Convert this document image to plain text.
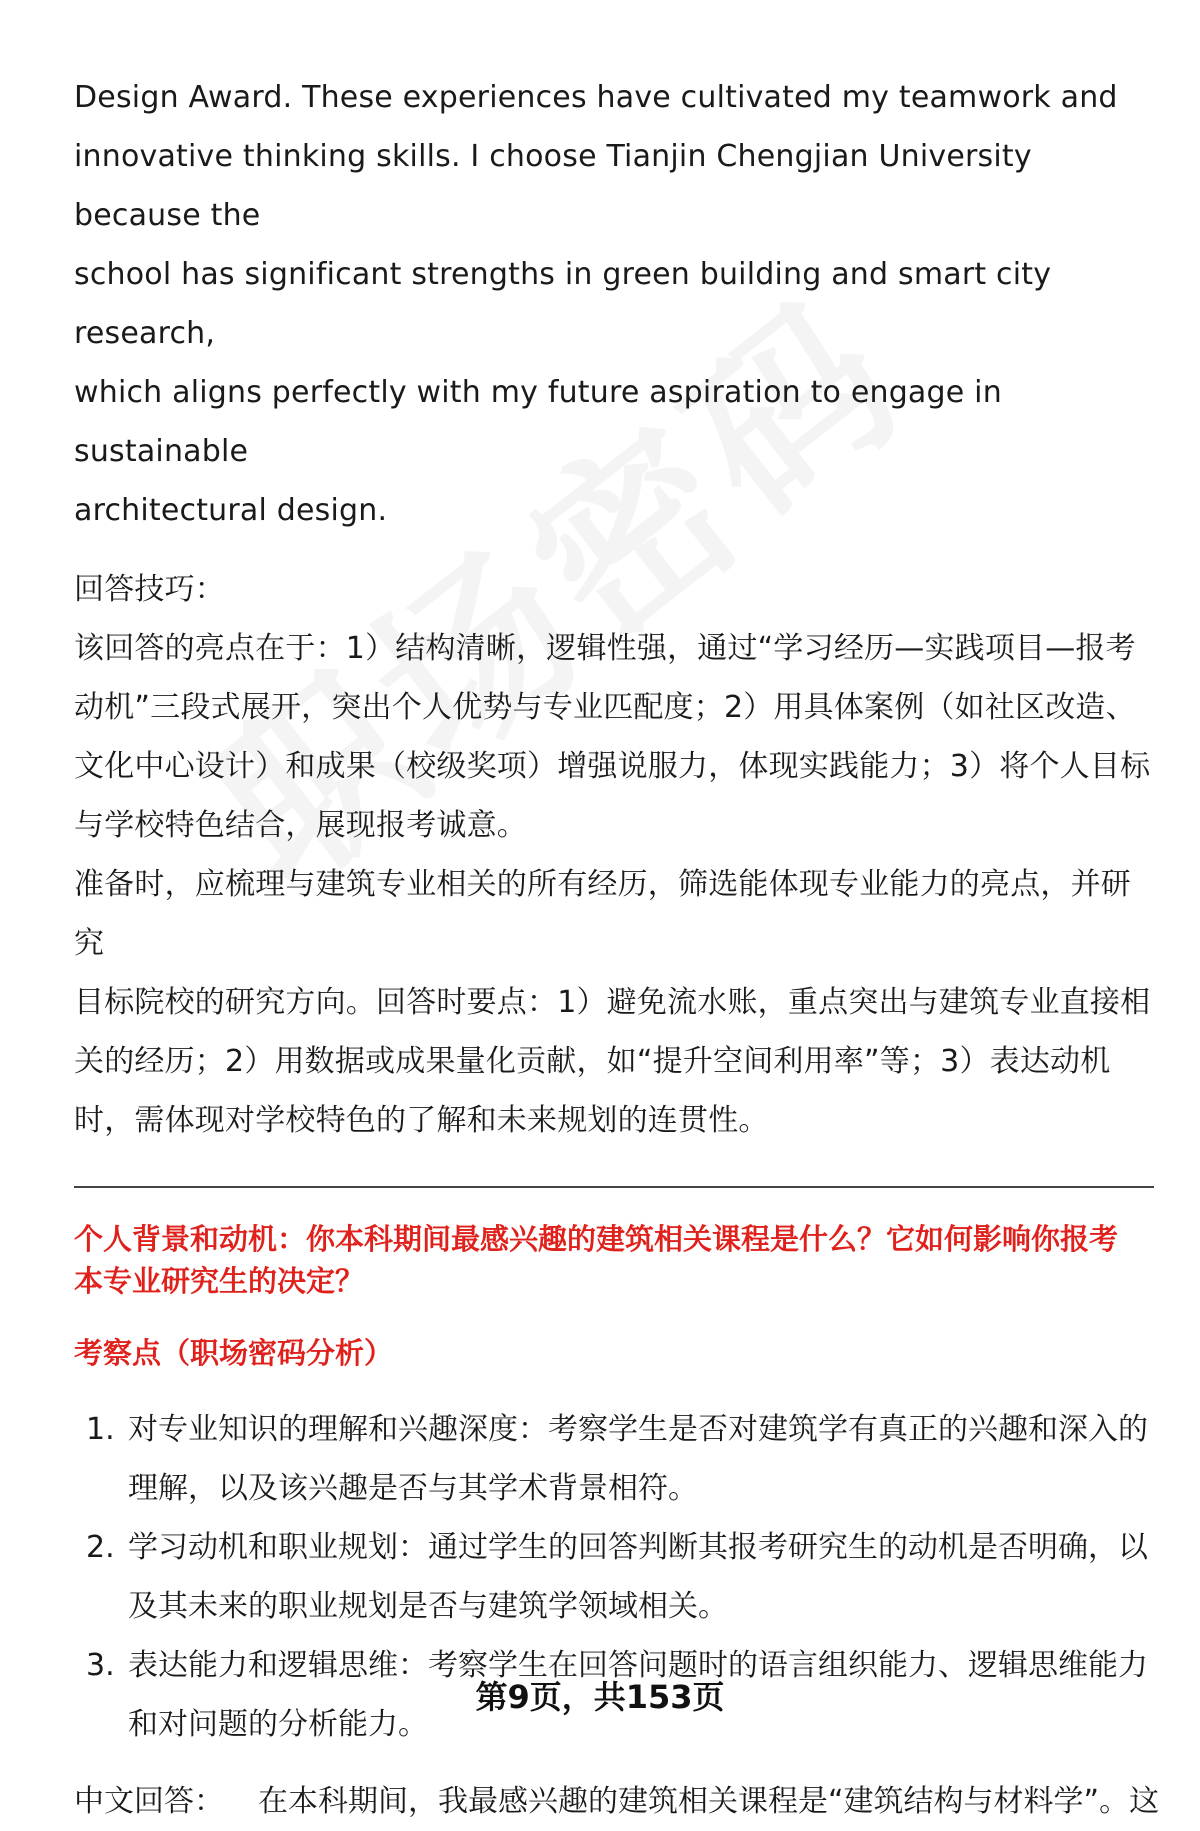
Design Award. These experiences have cultivated my teamwork and

innovative thinking skills. I choose Tianjin Chengjian University because the

school has significant strengths in green building and smart city research,

which aligns perfectly with my future aspiration to engage in sustainable

architectural design.

回答技巧：

该回答的亮点在于：1）结构清晰，逻辑性强，通过“学习经历—实践项目—报考

动机”三段式展开，突出个人优势与专业匹配度；2）用具体案例（如社区改造、

文化中心设计）和成果（校级奖项）增强说服力，体现实践能力；3）将个人目标

与学校特色结合，展现报考诚意。

准备时，应梳理与建筑专业相关的所有经历，筛选能体现专业能力的亮点，并研究

目标院校的研究方向。回答时要点：1）避免流水账，重点突出与建筑专业直接相

关的经历；2）用数据或成果量化贡献，如“提升空间利用率”等；3）表达动机

时，需体现对学校特色的了解和未来规划的连贯性。

个人背景和动机：你本科期间最感兴趣的建筑相关课程是什么？它如何影响你报考

本专业研究生的决定？

考察点（职场密码分析）

1. 对专业知识的理解和兴趣深度：考察学生是否对建筑学有真正的兴趣和深入的
理解，以及该兴趣是否与其学术背景相符。
2. 学习动机和职业规划：通过学生的回答判断其报考研究生的动机是否明确，以
及其未来的职业规划是否与建筑学领域相关。
3. 表达能力和逻辑思维：考察学生在回答问题时的语言组织能力、逻辑思维能力
和对问题的分析能力。
中文回答： 在本科期间，我最感兴趣的建筑相关课程是“建筑结构与材料学”。这
第9页，共153页
